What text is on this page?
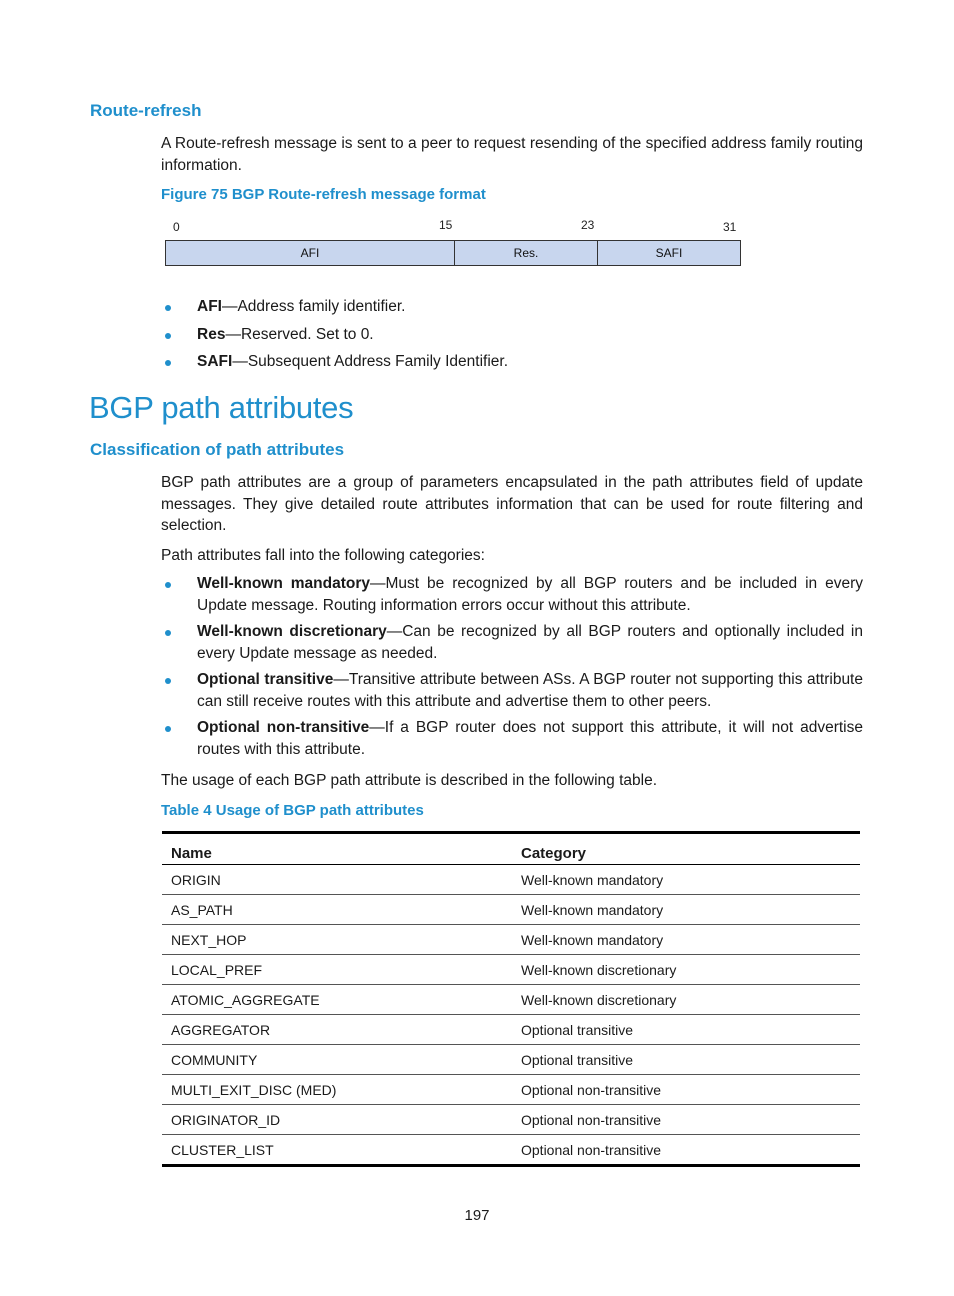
Route-refresh

A Route-refresh message is sent to a peer to request resending of the specified address family routing information.

Figure 75 BGP Route-refresh message format

0	15	23	31
AFI	Res.	SAFI
AFI—Address family identifier.
Res—Reserved. Set to 0.
SAFI—Subsequent Address Family Identifier.
BGP path attributes
Classification of path attributes

BGP path attributes are a group of parameters encapsulated in the path attributes field of update messages. They give detailed route attributes information that can be used for route filtering and selection.

Path attributes fall into the following categories:

Well-known mandatory—Must be recognized by all BGP routers and be included in every Update message. Routing information errors occur without this attribute.
Well-known discretionary—Can be recognized by all BGP routers and optionally included in every Update message as needed.
Optional transitive—Transitive attribute between ASs. A BGP router not supporting this attribute can still receive routes with this attribute and advertise them to other peers.
Optional non-transitive—If a BGP router does not support this attribute, it will not advertise routes with this attribute.

The usage of each BGP path attribute is described in the following table.

Table 4 Usage of BGP path attributes

Name	Category
ORIGIN	Well-known mandatory
AS_PATH	Well-known mandatory
NEXT_HOP	Well-known mandatory
LOCAL_PREF	Well-known discretionary
ATOMIC_AGGREGATE	Well-known discretionary
AGGREGATOR	Optional transitive
COMMUNITY	Optional transitive
MULTI_EXIT_DISC (MED)	Optional non-transitive
ORIGINATOR_ID	Optional non-transitive
CLUSTER_LIST	Optional non-transitive
197
